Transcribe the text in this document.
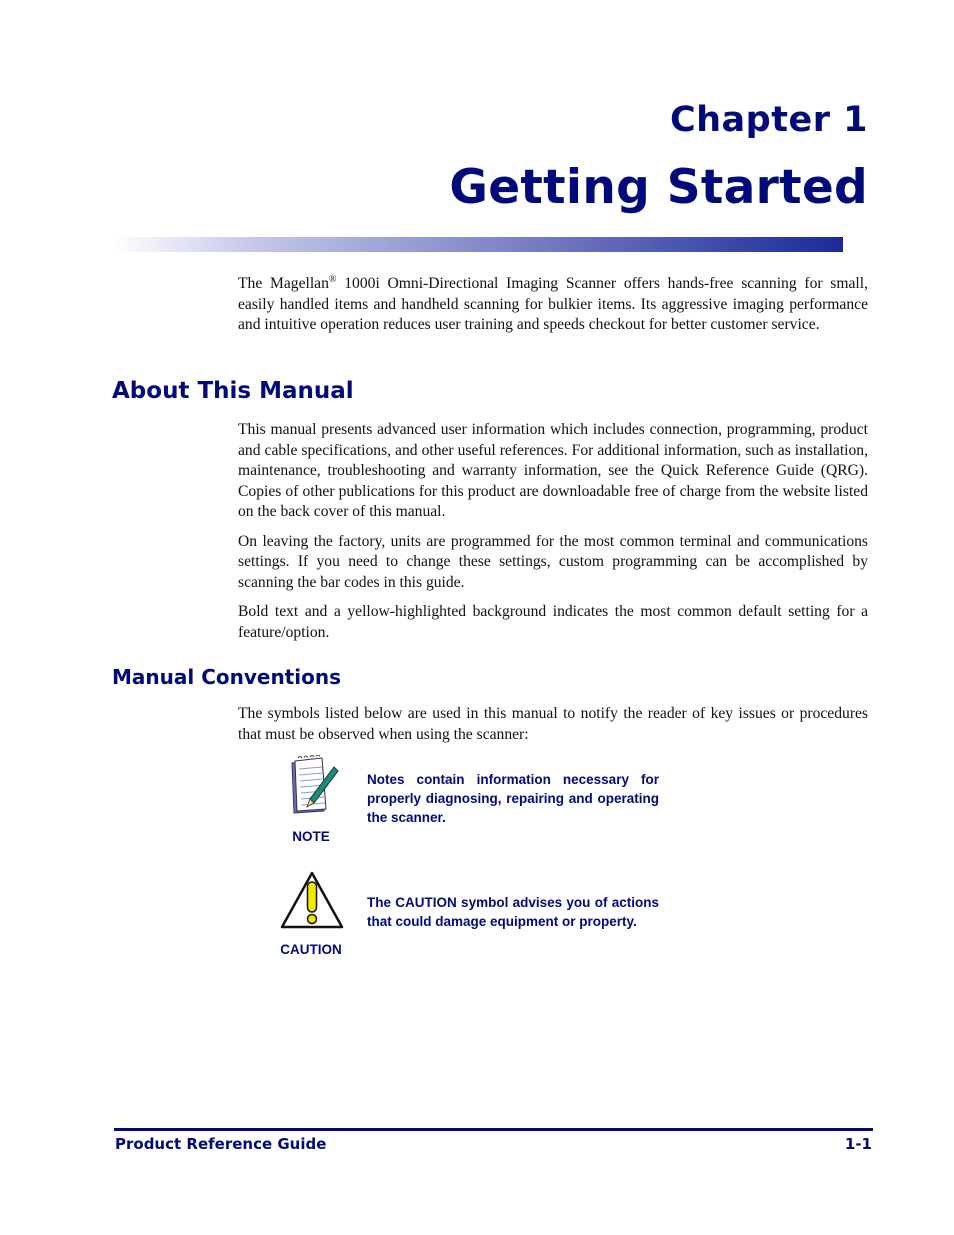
Chapter 1
Getting Started

The Magellan® 1000i Omni-Directional Imaging Scanner offers hands-free scanning for small, easily handled items and handheld scanning for bulkier items. Its aggressive imaging performance and intuitive operation reduces user training and speeds checkout for better customer service.

About This Manual

This manual presents advanced user information which includes connection, programming, product and cable specifications, and other useful references. For additional information, such as installation, maintenance, troubleshooting and warranty information, see the Quick Reference Guide (QRG). Copies of other publications for this product are downloadable free of charge from the website listed on the back cover of this manual.

On leaving the factory, units are programmed for the most common terminal and communications settings. If you need to change these settings, custom programming can be accomplished by scanning the bar codes in this guide.

Bold text and a yellow-highlighted background indicates the most common default setting for a feature/option.

Manual Conventions

The symbols listed below are used in this manual to notify the reader of key issues or procedures that must be observed when using the scanner:

NOTE
Notes contain information necessary for properly diagnosing, repairing and operating the scanner.
CAUTION
The CAUTION symbol advises you of actions that could damage equipment or property.
Product Reference Guide	1-1
